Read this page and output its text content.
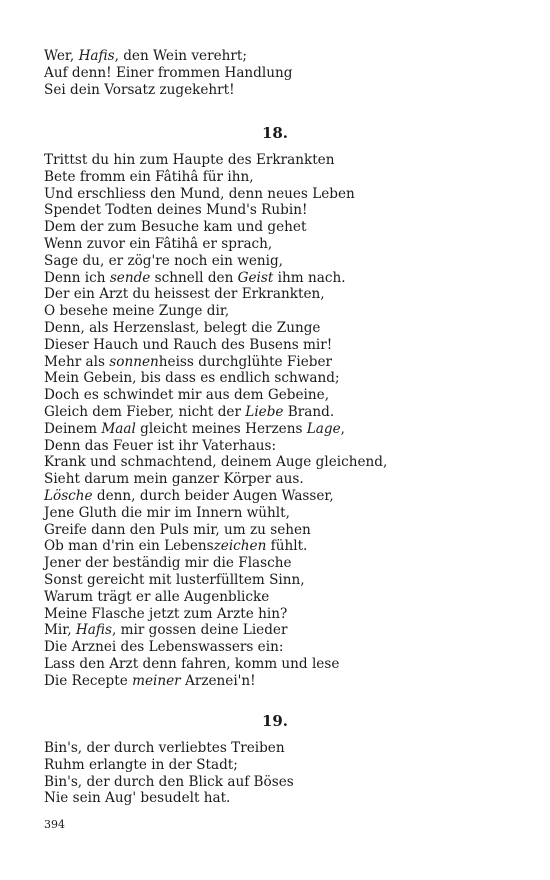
Wer, Hafis, den Wein verehrt;
Auf denn! Einer frommen Handlung
Sei dein Vorsatz zugekehrt!
18.
Trittst du hin zum Haupte des Erkrankten
Bete fromm ein Fâtihâ für ihn,
Und erschliess den Mund, denn neues Leben
Spendet Todten deines Mund's Rubin!
Dem der zum Besuche kam und gehet
Wenn zuvor ein Fâtihâ er sprach,
Sage du, er zög're noch ein wenig,
Denn ich sende schnell den Geist ihm nach.
Der ein Arzt du heissest der Erkrankten,
O besehe meine Zunge dir,
Denn, als Herzenslast, belegt die Zunge
Dieser Hauch und Rauch des Busens mir!
Mehr als sonnenheiss durchglühte Fieber
Mein Gebein, bis dass es endlich schwand;
Doch es schwindet mir aus dem Gebeine,
Gleich dem Fieber, nicht der Liebe Brand.
Deinem Maal gleicht meines Herzens Lage,
Denn das Feuer ist ihr Vaterhaus:
Krank und schmachtend, deinem Auge gleichend,
Sieht darum mein ganzer Körper aus.
Lösche denn, durch beider Augen Wasser,
Jene Gluth die mir im Innern wühlt,
Greife dann den Puls mir, um zu sehen
Ob man d'rin ein Lebenszeichen fühlt.
Jener der beständig mir die Flasche
Sonst gereicht mit lusterfülltem Sinn,
Warum trägt er alle Augenblicke
Meine Flasche jetzt zum Arzte hin?
Mir, Hafis, mir gossen deine Lieder
Die Arznei des Lebenswassers ein:
Lass den Arzt denn fahren, komm und lese
Die Recepte meiner Arzenei'n!
19.
Bin's, der durch verliebtes Treiben
Ruhm erlangte in der Stadt;
Bin's, der durch den Blick auf Böses
Nie sein Aug' besudelt hat.
394
